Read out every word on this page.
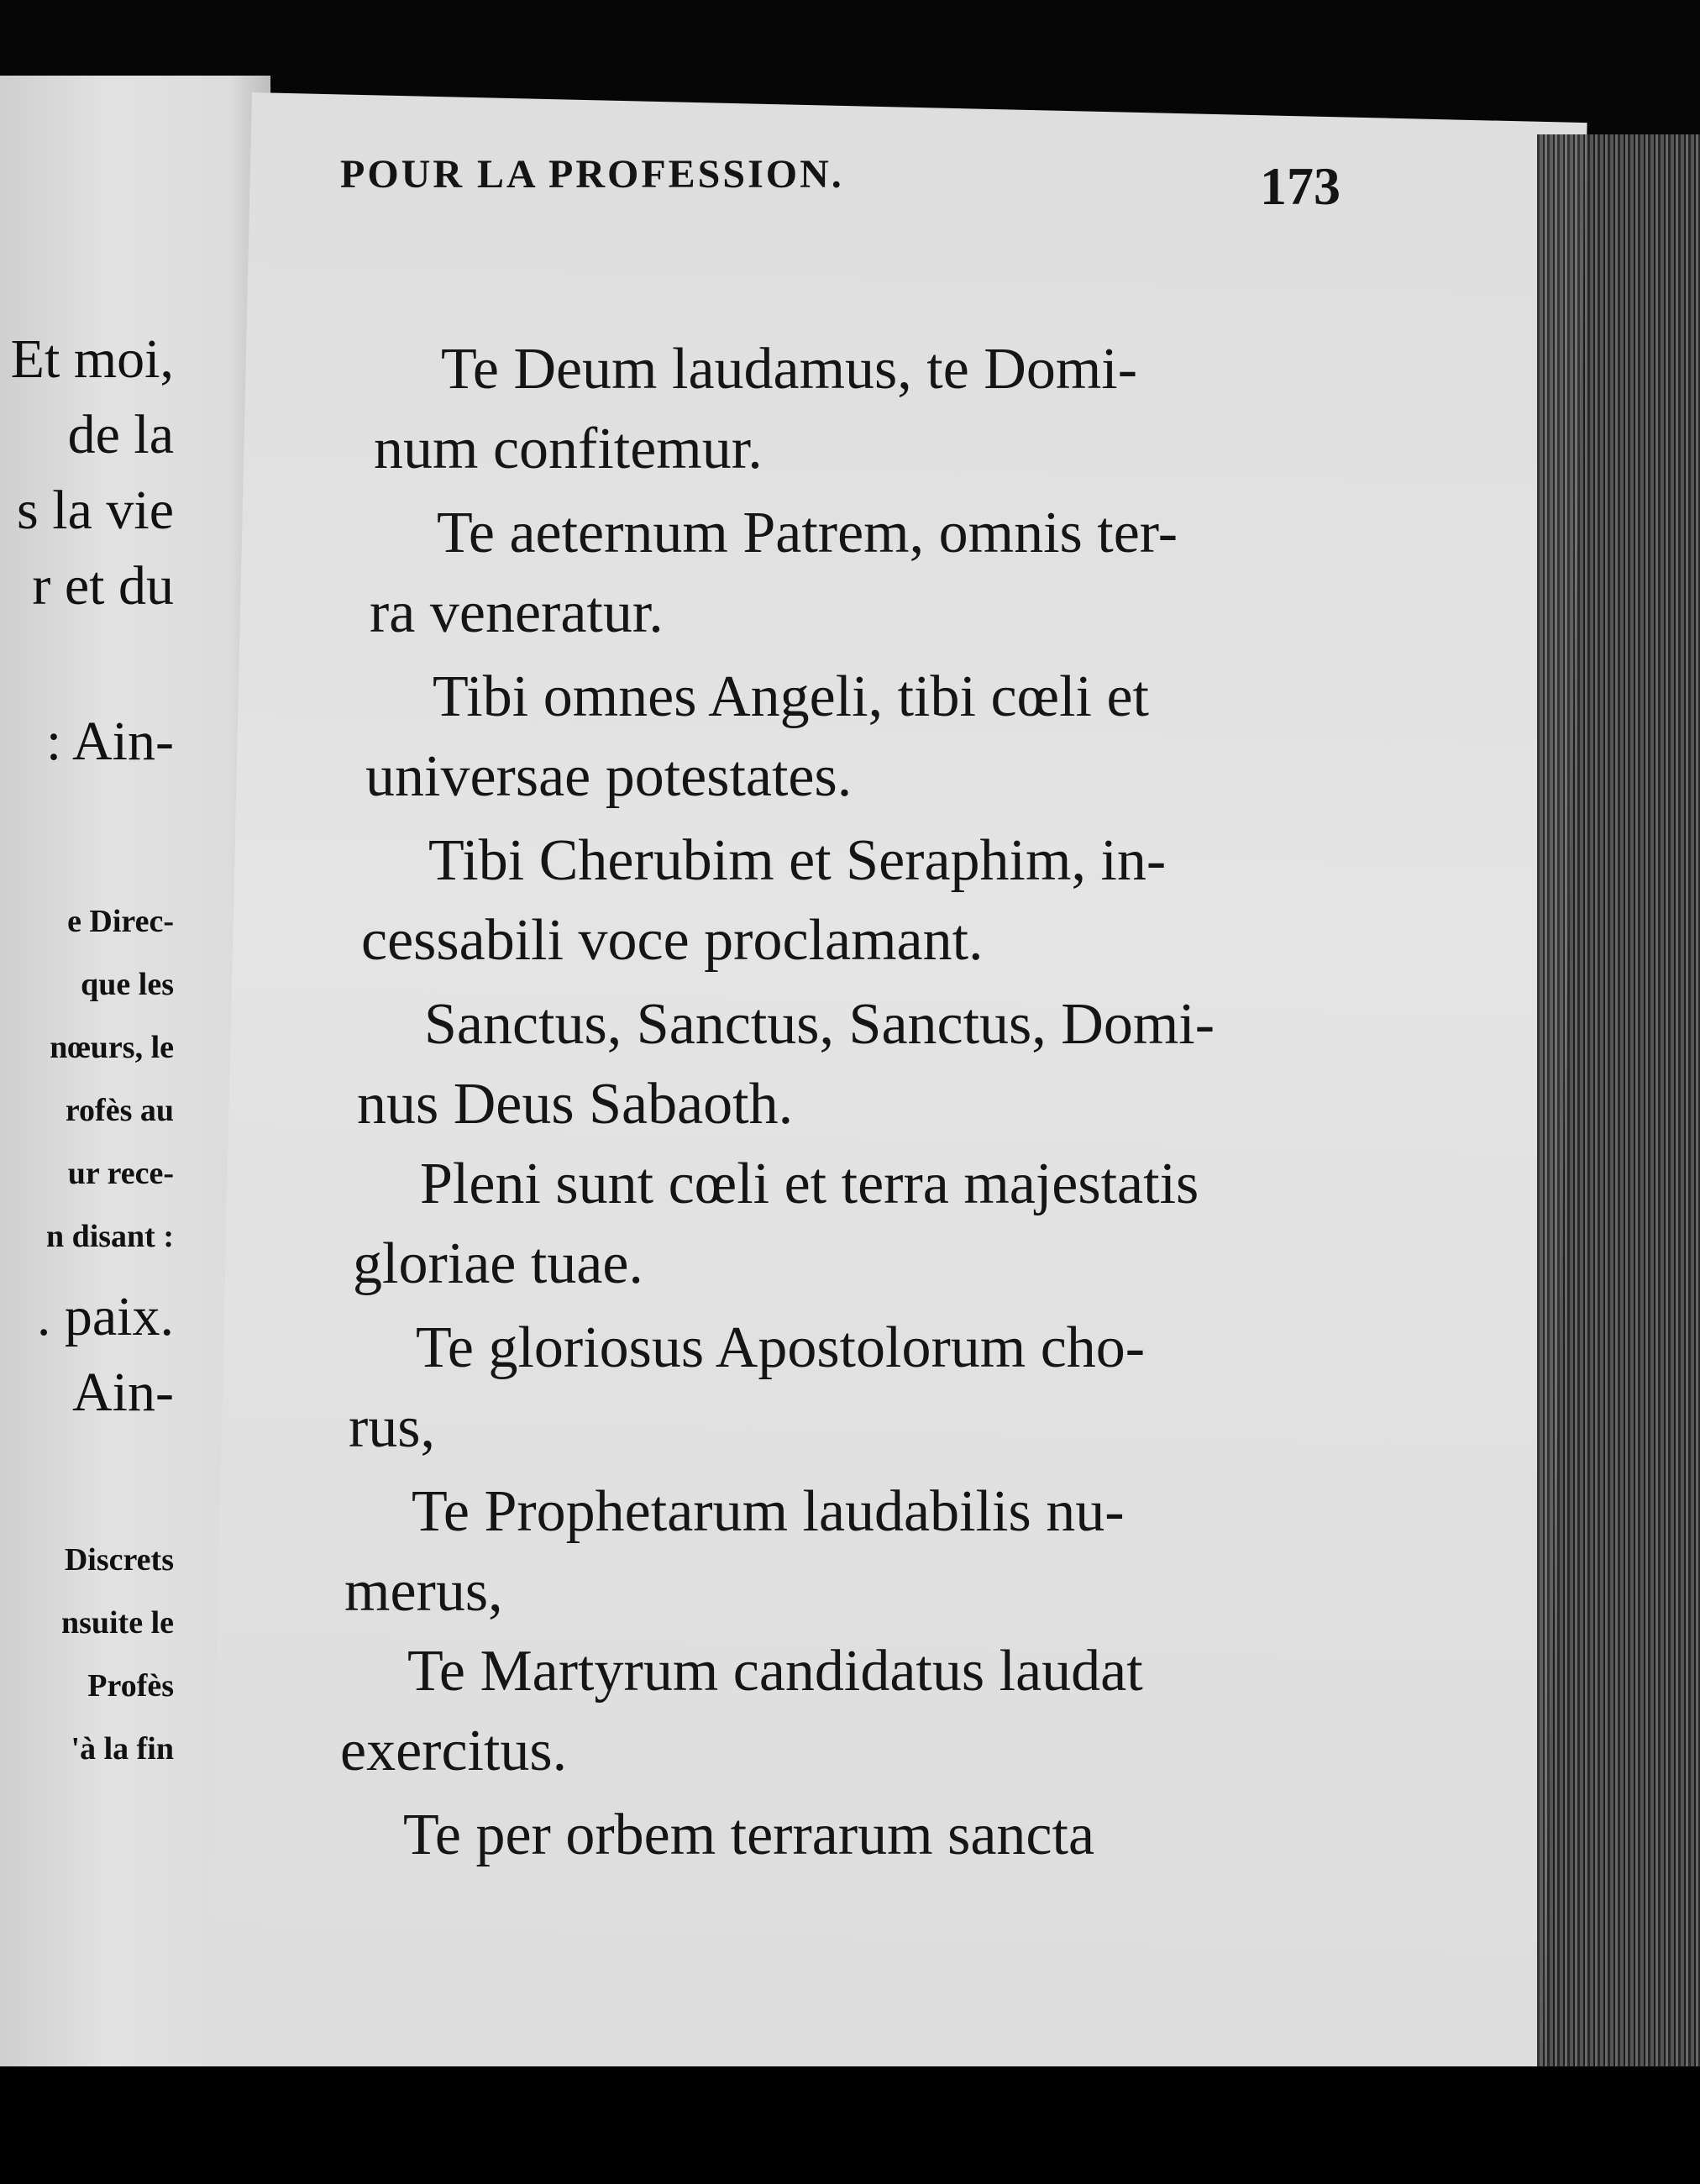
Et moi,
de la
s la vie
r et du
: Ain-
e Direc-
que les
nœurs, le
rofès au
ur rece-
n disant :
. paix.
Ain-
Discrets
nsuite le
Profès
'à la fin
POUR LA PROFESSION.	173
Te Deum laudamus, te Domi-
num confitemur.
Te aeternum Patrem, omnis ter-
ra veneratur.
Tibi omnes Angeli, tibi cœli et
universae potestates.
Tibi Cherubim et Seraphim, in-
cessabili voce proclamant.
Sanctus, Sanctus, Sanctus, Domi-
nus Deus Sabaoth.
Pleni sunt cœli et terra majestatis
gloriae tuae.
Te gloriosus Apostolorum cho-
rus,
Te Prophetarum laudabilis nu-
merus,
Te Martyrum candidatus laudat
exercitus.
Te per orbem terrarum sancta
